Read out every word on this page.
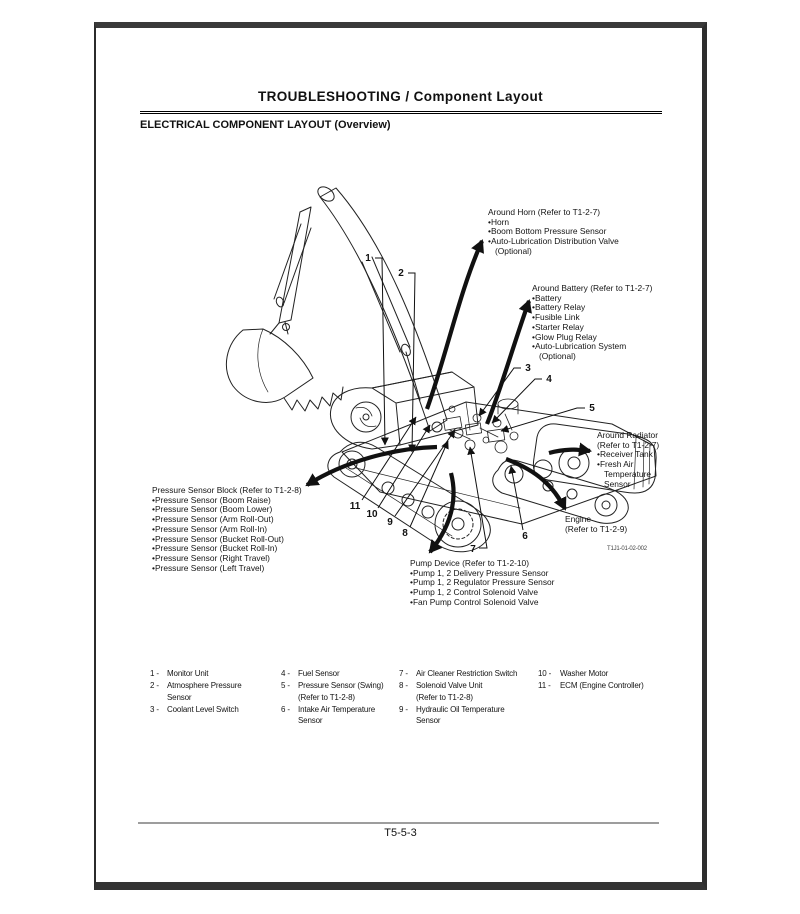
TROUBLESHOOTING / Component Layout
ELECTRICAL COMPONENT LAYOUT (Overview)
1
2
3
4
5
6
7
8
9
10
11
Around Horn (Refer to T1-2-7)
• Horn
• Boom Bottom Pressure Sensor
• Auto-Lubrication Distribution Valve
(Optional)
Around Battery (Refer to T1-2-7)
• Battery
• Battery Relay
• Fusible Link
• Starter Relay
• Glow Plug Relay
• Auto-Lubrication System
(Optional)
Around Radiator
(Refer to T1-2-7)
• Receiver Tank
• Fresh Air
Temperature
Sensor
Engine
(Refer to T1-2-9)
T1J1-01-02-002
Pressure Sensor Block (Refer to T1-2-8)
• Pressure Sensor (Boom Raise)
• Pressure Sensor (Boom Lower)
• Pressure Sensor (Arm Roll-Out)
• Pressure Sensor (Arm Roll-In)
• Pressure Sensor (Bucket Roll-Out)
• Pressure Sensor (Bucket Roll-In)
• Pressure Sensor (Right Travel)
• Pressure Sensor (Left Travel)	Pump Device (Refer to T1-2-10)
• Pump 1, 2 Delivery Pressure Sensor
• Pump 1, 2 Regulator Pressure Sensor
• Pump 1, 2 Control Solenoid Valve
• Fan Pump Control Solenoid Valve
1 -	Monitor Unit
2 -	Atmosphere Pressure
Sensor
3 -	Coolant Level Switch
4 -	Fuel Sensor
5 -	Pressure Sensor (Swing)
(Refer to T1-2-8)
6 -	Intake Air Temperature
Sensor
7 -	Air Cleaner Restriction Switch
8 -	Solenoid Valve Unit
(Refer to T1-2-8)
9 -	Hydraulic Oil Temperature
Sensor
10 -	Washer Motor
11 -	ECM (Engine Controller)
T5-5-3
